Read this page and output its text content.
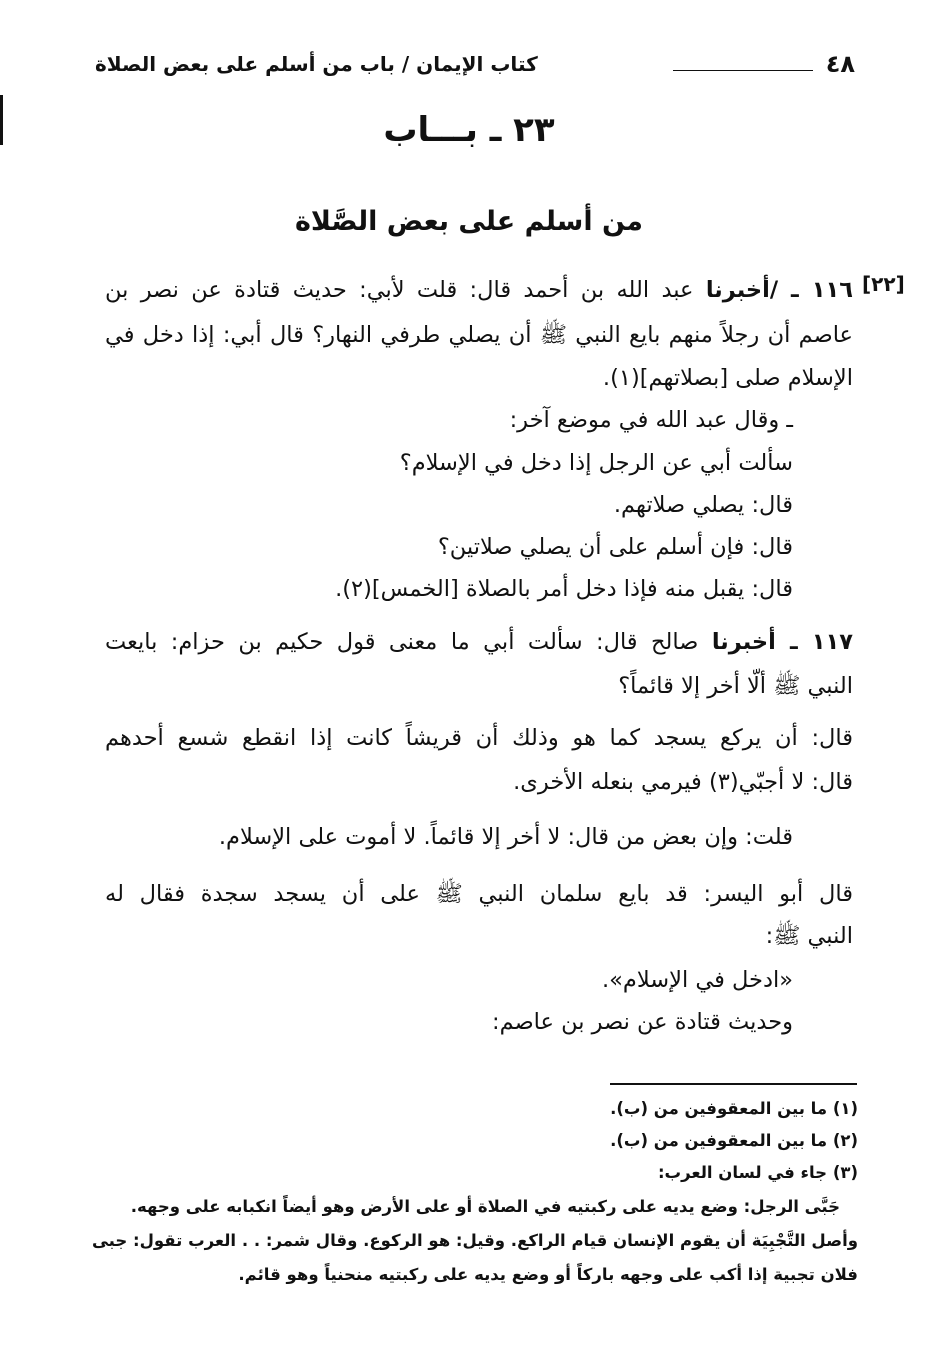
٤٨
كتاب الإيمان / باب من أسلم على بعض الصلاة
٢٣ ـ بـــاب
من أسلم على بعض الصَّلاة
[٢٢]
١١٦ ـ /أخبرنا عبد الله بن أحمد قال: قلت لأبي: حديث قتادة عن نصر بن
عاصم أن رجلاً منهم بايع النبي ﷺ أن يصلي طرفي النهار؟ قال أبي: إذا دخل في
الإسلام صلى [بصلاتهم](١).
ـ وقال عبد الله في موضع آخر:
سألت أبي عن الرجل إذا دخل في الإسلام؟
قال: يصلي صلاتهم.
قال: فإن أسلم على أن يصلي صلاتين؟
قال: يقبل منه فإذا دخل أمر بالصلاة [الخمس](٢).
١١٧ ـ أخبرنا صالح قال: سألت أبي ما معنى قول حكيم بن حزام: بايعت
النبي ﷺ ألّا أخر إلا قائماً؟
قال: أن يركع يسجد كما هو وذلك أن قريشاً كانت إذا انقطع شسع أحدهم
قال: لا أجبّي(٣) فيرمي بنعله الأخرى.
قلت: وإن بعض من قال: لا أخر إلا قائماً. لا أموت على الإسلام.
قال أبو اليسر: قد بايع سلمان النبي ﷺ على أن يسجد سجدة فقال له
النبي ﷺ:
«ادخل في الإسلام».
وحديث قتادة عن نصر بن عاصم:
(١) ما بين المعقوفين من (ب).
(٢) ما بين المعقوفين من (ب).
(٣) جاء في لسان العرب:
جَبَّى الرجل: وضع يديه على ركبتيه في الصلاة أو على الأرض وهو أيضاً انكبابه على وجهه.
وأصل التَّجْبِيَة أن يقوم الإنسان قيام الراكع. وقيل: هو الركوع. وقال شمر: . . العرب تقول: جبى
فلان تجبية إذا أكب على وجهه باركاً أو وضع يديه على ركبتيه منحنياً وهو قائم.
